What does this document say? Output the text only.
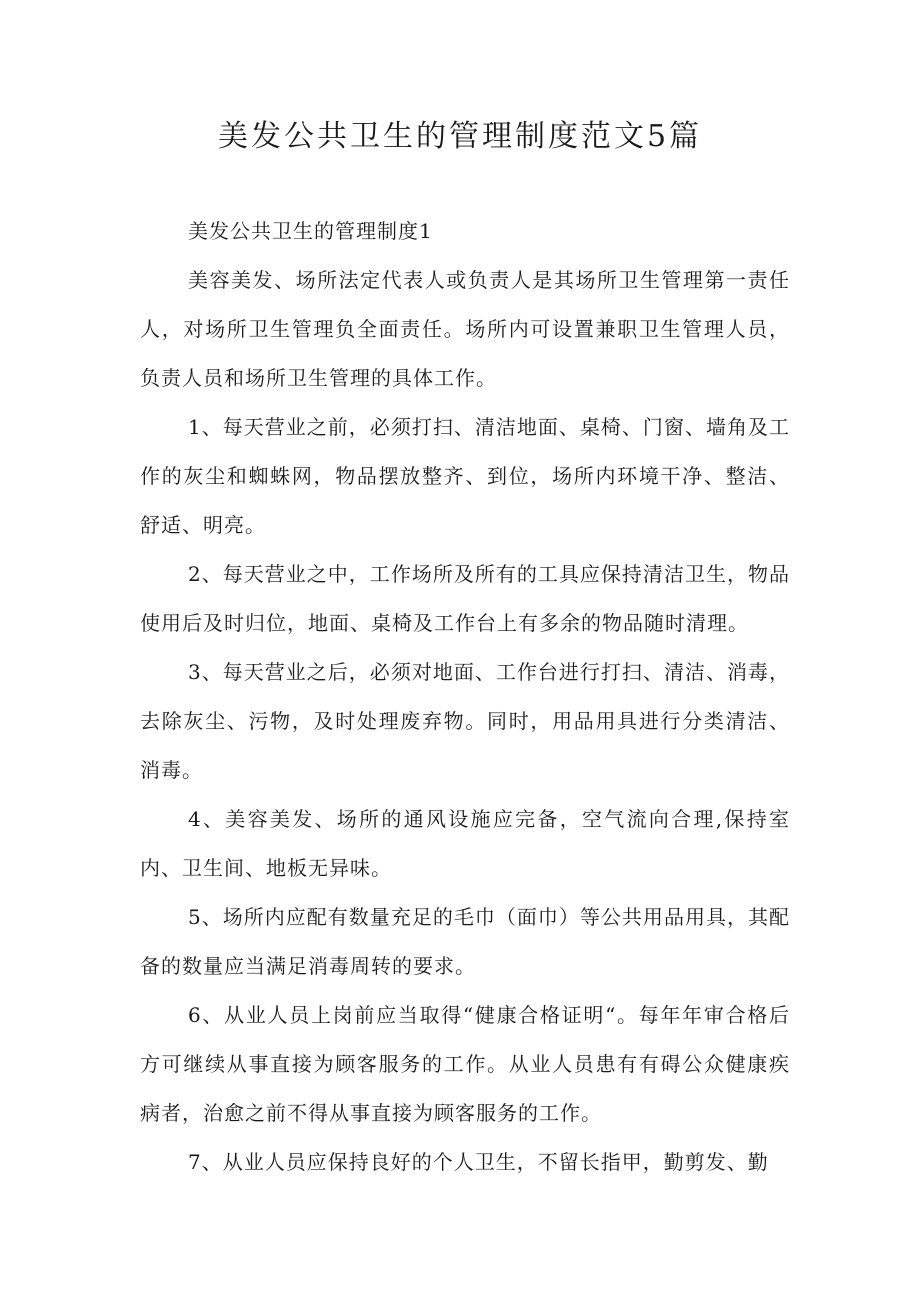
美发公共卫生的管理制度范文5篇
美发公共卫生的管理制度1

美容美发、场所法定代表人或负责人是其场所卫生管理第一责任人，对场所卫生管理负全面责任。场所内可设置兼职卫生管理人员，负责人员和场所卫生管理的具体工作。

1、每天营业之前，必须打扫、清洁地面、桌椅、门窗、墙角及工作的灰尘和蜘蛛网，物品摆放整齐、到位，场所内环境干净、整洁、舒适、明亮。

2、每天营业之中，工作场所及所有的工具应保持清洁卫生，物品使用后及时归位，地面、桌椅及工作台上有多余的物品随时清理。

3、每天营业之后，必须对地面、工作台进行打扫、清洁、消毒，去除灰尘、污物，及时处理废弃物。同时，用品用具进行分类清洁、消毒。

4、美容美发、场所的通风设施应完备，空气流向合理,保持室内、卫生间、地板无异味。

5、场所内应配有数量充足的毛巾（面巾）等公共用品用具，其配备的数量应当满足消毒周转的要求。

6、从业人员上岗前应当取得“健康合格证明“。每年年审合格后方可继续从事直接为顾客服务的工作。从业人员患有有碍公众健康疾病者，治愈之前不得从事直接为顾客服务的工作。

7、从业人员应保持良好的个人卫生，不留长指甲，勤剪发、勤
